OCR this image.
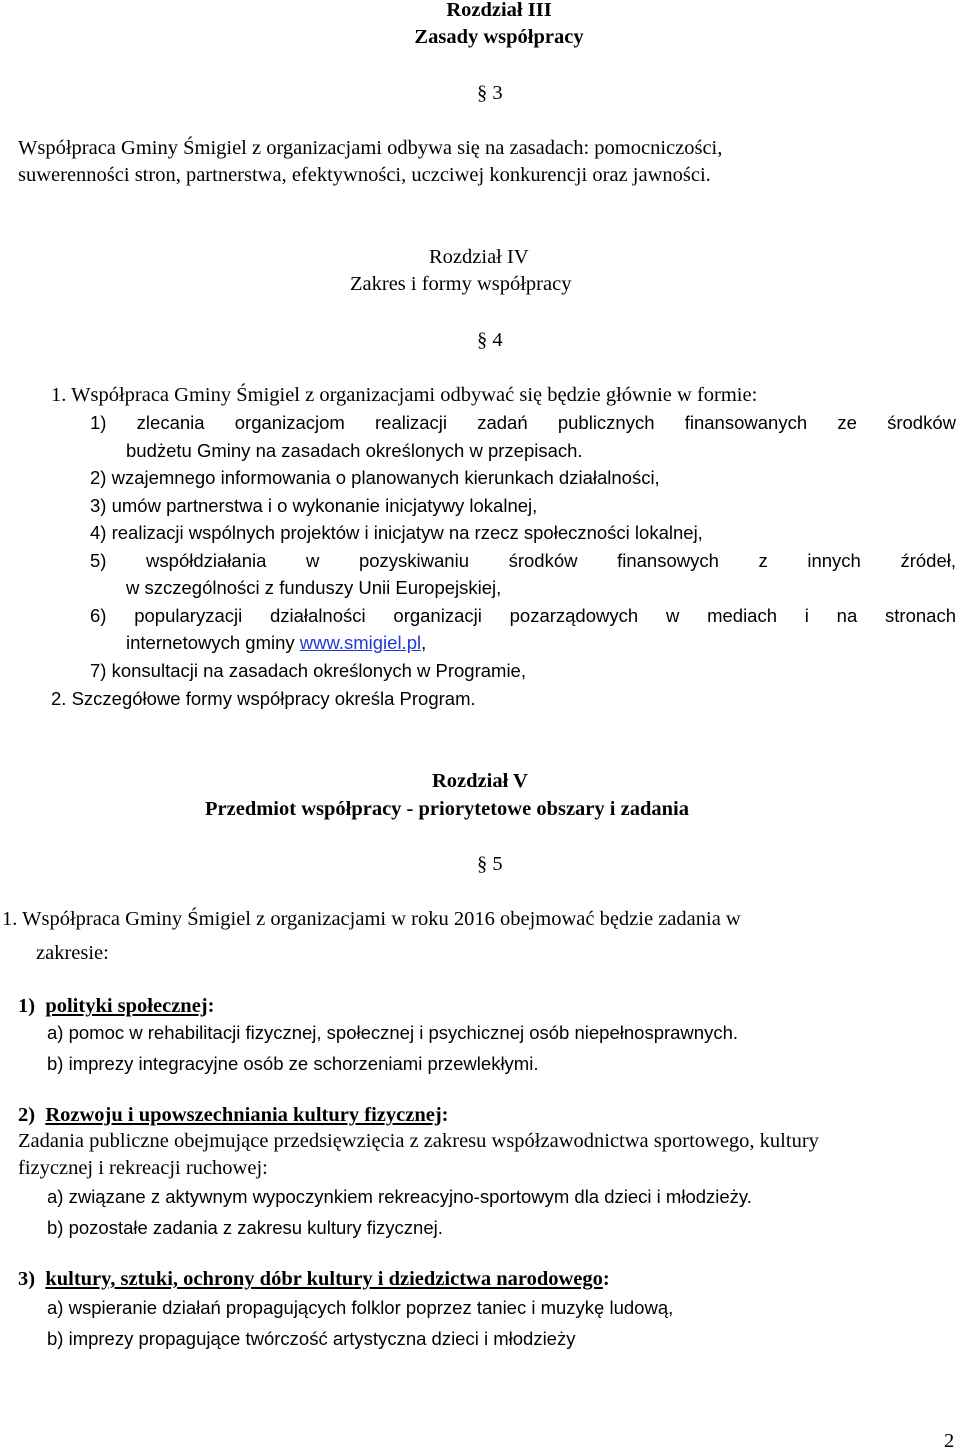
Rozdział III
Zasady współpracy
§ 3
Współpraca Gminy Śmigiel z organizacjami odbywa się na zasadach: pomocniczości,
suwerenności stron, partnerstwa, efektywności, uczciwej konkurencji oraz jawności.
Rozdział IV
Zakres i formy współpracy
§ 4
1. Współpraca Gminy Śmigiel z organizacjami odbywać się będzie głównie w formie:
1) zlecania organizacjom realizacji zadań publicznych finansowanych ze środków
budżetu Gminy na zasadach określonych w przepisach.
2) wzajemnego informowania o planowanych kierunkach działalności,
3) umów partnerstwa i o wykonanie inicjatywy lokalnej,
4) realizacji wspólnych projektów i inicjatyw na rzecz społeczności lokalnej,
5) współdziałania w pozyskiwaniu środków finansowych z innych źródeł,
w szczególności z funduszy Unii Europejskiej,
6) popularyzacji działalności organizacji pozarządowych w mediach i na stronach
internetowych gminy www.smigiel.pl,
7) konsultacji na zasadach określonych w Programie,
2. Szczegółowe formy współpracy określa Program.
Rozdział V
Przedmiot współpracy - priorytetowe obszary i zadania
§ 5
1. Współpraca Gminy Śmigiel z organizacjami w roku 2016 obejmować będzie zadania w
zakresie:
1) polityki społecznej:
a) pomoc w rehabilitacji fizycznej, społecznej i psychicznej osób niepełnosprawnych.
b) imprezy integracyjne osób ze schorzeniami przewlekłymi.
2) Rozwoju i upowszechniania kultury fizycznej:
Zadania publiczne obejmujące przedsięwzięcia z zakresu współzawodnictwa sportowego, kultury
fizycznej i rekreacji ruchowej:
a) związane z aktywnym wypoczynkiem rekreacyjno-sportowym dla dzieci i młodzieży.
b) pozostałe zadania z zakresu kultury fizycznej.
3) kultury, sztuki, ochrony dóbr kultury i dziedzictwa narodowego:
a) wspieranie działań propagujących folklor poprzez taniec i muzykę ludową,
b) imprezy propagujące twórczość artystyczna dzieci i młodzieży
2
